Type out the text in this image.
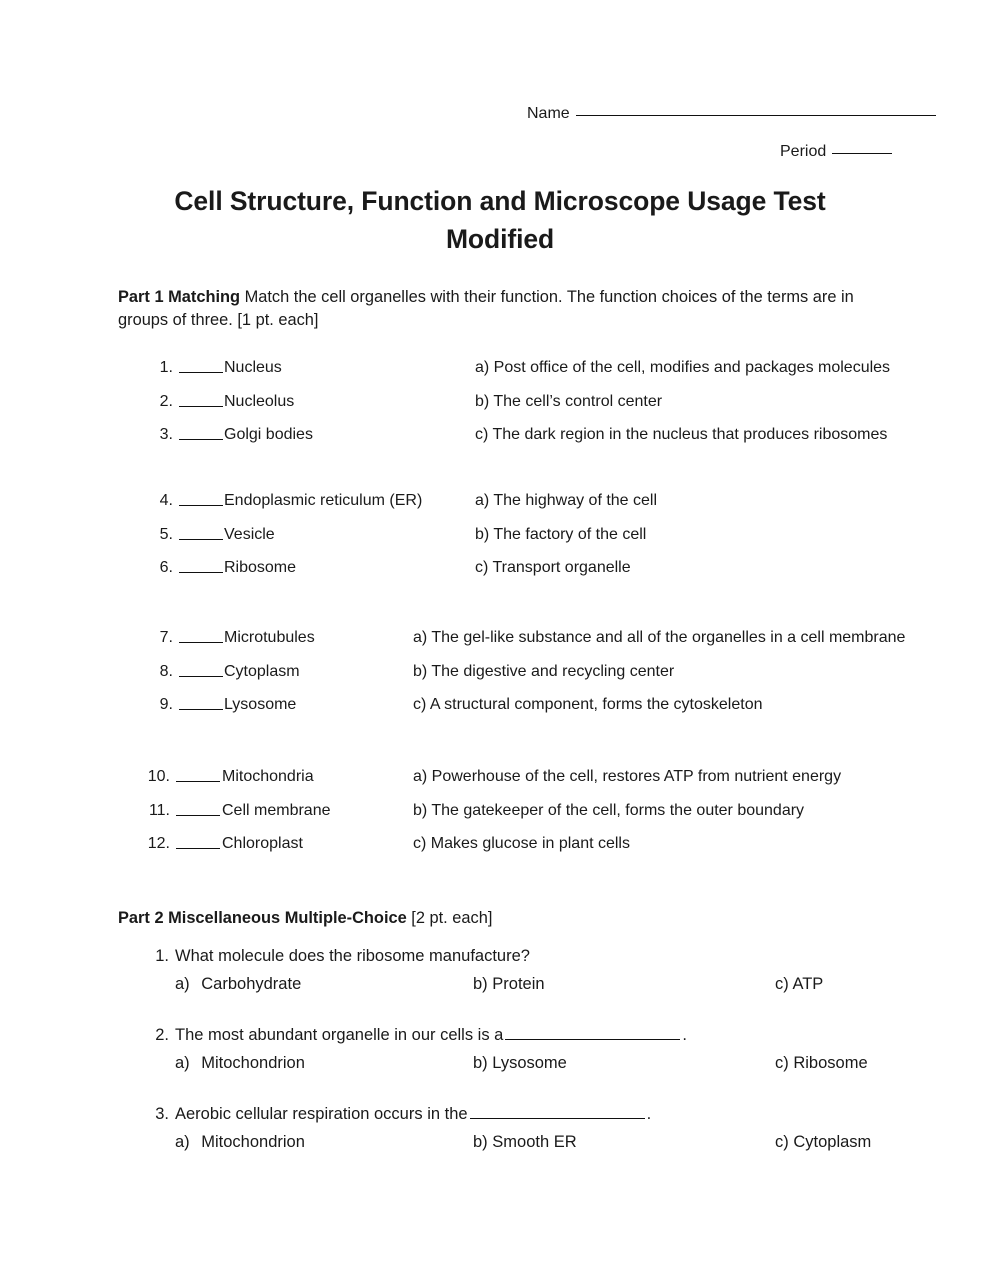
Name
Period
Cell Structure, Function and Microscope Usage Test Modified
Part 1 Matching Match the cell organelles with their function. The function choices of the terms are in groups of three. [1 pt. each]
1.	Nucleus	a) Post office of the cell, modifies and packages molecules
2.	Nucleolus	b) The cell’s control center
3.	Golgi bodies	c) The dark region in the nucleus that produces ribosomes
4.	Endoplasmic reticulum (ER)	a) The highway of the cell
5.	Vesicle	b) The factory of the cell
6.	Ribosome	c) Transport organelle
7.	Microtubules	a) The gel-like substance and all of the organelles in a cell membrane
8.	Cytoplasm	b) The digestive and recycling center
9.	Lysosome	c) A structural component, forms the cytoskeleton
10.	Mitochondria	a) Powerhouse of the cell, restores ATP from nutrient energy
11.	Cell membrane	b) The gatekeeper of the cell, forms the outer boundary
12.	Chloroplast	c) Makes glucose in plant cells
Part 2 Miscellaneous Multiple-Choice [2 pt. each]
1. What molecule does the ribosome manufacture?
a) Carbohydrate	b) Protein	c) ATP
2. The most abundant organelle in our cells is a	.
a) Mitochondrion	b) Lysosome	c) Ribosome
3. Aerobic cellular respiration occurs in the	.
a) Mitochondrion	b) Smooth ER	c) Cytoplasm
